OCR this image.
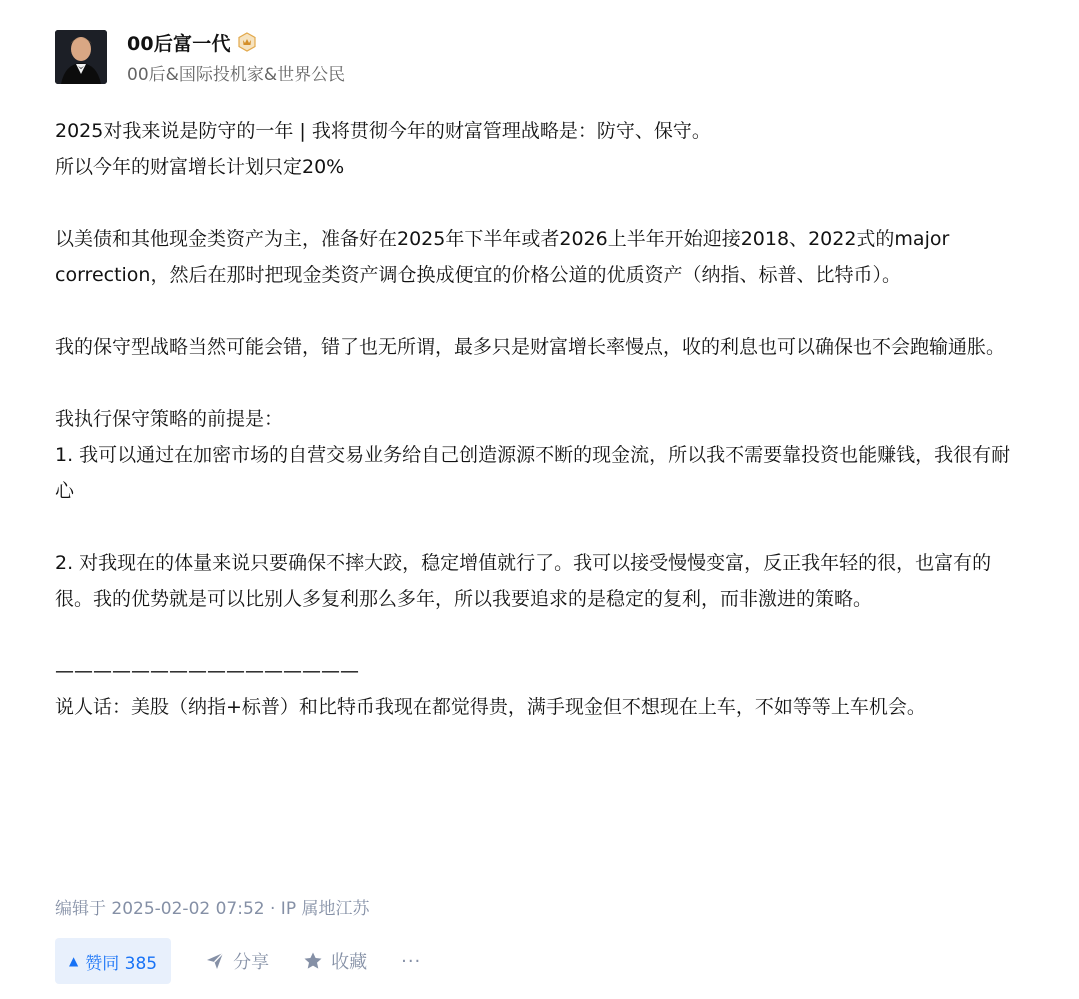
00后富一代
00后&国际投机家&世界公民

2025对我来说是防守的一年 | 我将贯彻今年的财富管理战略是：防守、保守。

所以今年的财富增长计划只定20%

以美债和其他现金类资产为主，准备好在2025年下半年或者2026上半年开始迎接2018、2022式的major correction，然后在那时把现金类资产调仓换成便宜的价格公道的优质资产（纳指、标普、比特币）。

我的保守型战略当然可能会错，错了也无所谓，最多只是财富增长率慢点，收的利息也可以确保也不会跑输通胀。

我执行保守策略的前提是：

1. 我可以通过在加密市场的自营交易业务给自己创造源源不断的现金流，所以我不需要靠投资也能赚钱，我很有耐心

2. 对我现在的体量来说只要确保不摔大跤，稳定增值就行了。我可以接受慢慢变富，反正我年轻的很，也富有的很。我的优势就是可以比别人多复利那么多年，所以我要追求的是稳定的复利，而非激进的策略。

————————————————

说人话：美股（纳指+标普）和比特币我现在都觉得贵，满手现金但不想现在上车，不如等等上车机会。

编辑于 2025-02-02 07:52 · IP 属地江苏
▲ 赞同 385	分享	收藏 ···
